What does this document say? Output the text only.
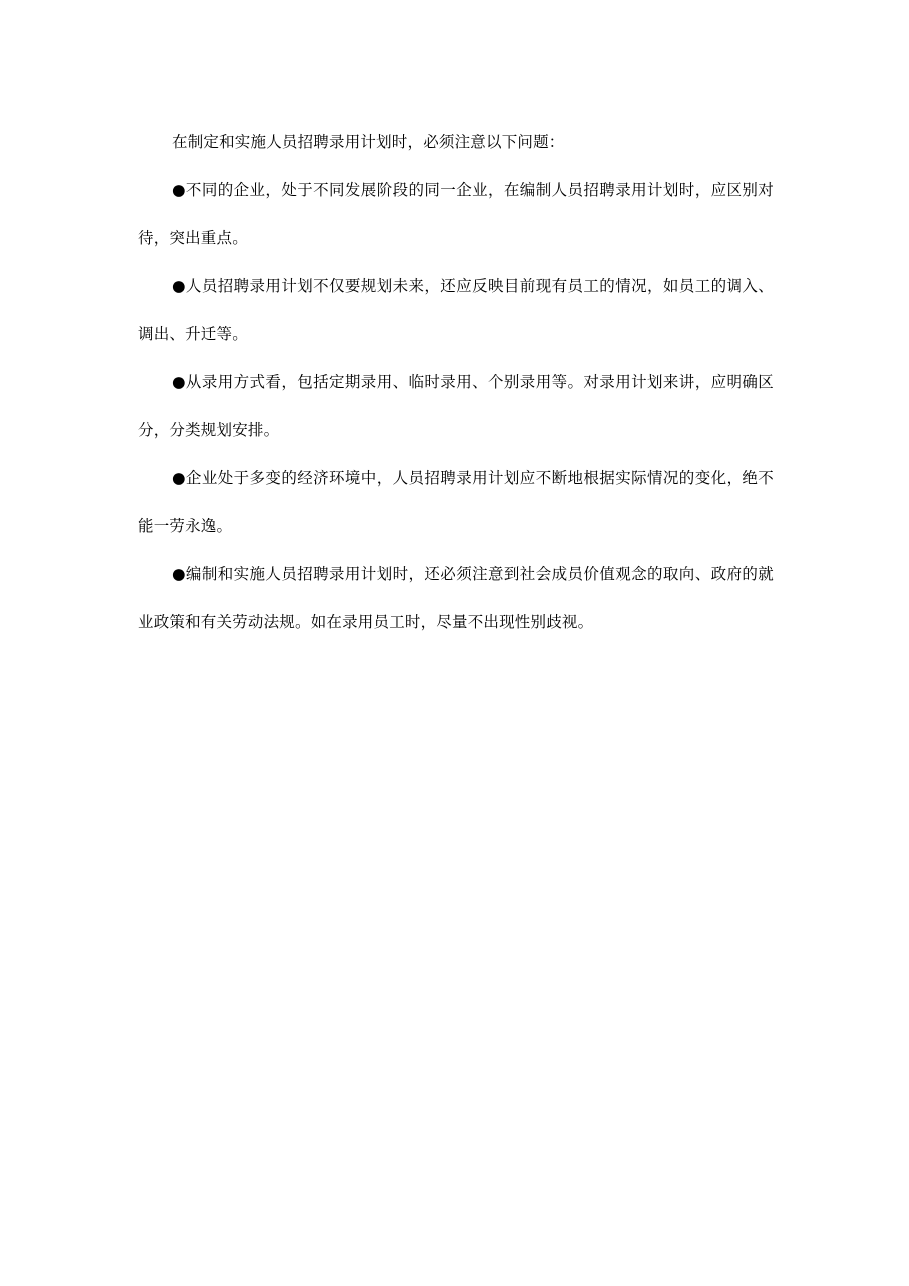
在制定和实施人员招聘录用计划时，必须注意以下问题：

●不同的企业，处于不同发展阶段的同一企业，在编制人员招聘录用计划时，应区别对待，突出重点。

●人员招聘录用计划不仅要规划未来，还应反映目前现有员工的情况，如员工的调入、调出、升迁等。

●从录用方式看，包括定期录用、临时录用、个别录用等。对录用计划来讲，应明确区分，分类规划安排。

●企业处于多变的经济环境中，人员招聘录用计划应不断地根据实际情况的变化，绝不能一劳永逸。

●编制和实施人员招聘录用计划时，还必须注意到社会成员价值观念的取向、政府的就业政策和有关劳动法规。如在录用员工时，尽量不出现性别歧视。
